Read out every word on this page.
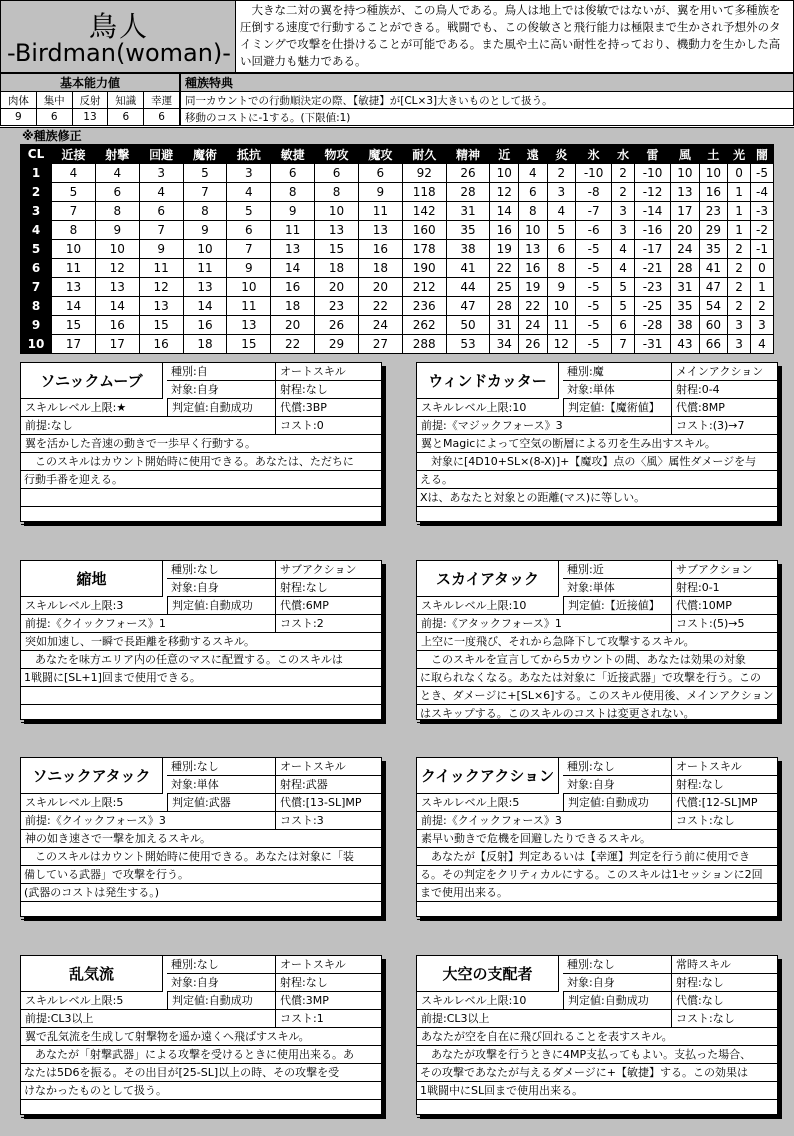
鳥人
-Birdman(woman)-
大きな二対の翼を持つ種族が、この鳥人である。鳥人は地上では俊敏ではないが、翼を用いて多種族を圧倒する速度で行動することができる。戦闘でも、この俊敏さと飛行能力は極限まで生かされ予想外のタイミングで攻撃を仕掛けることが可能である。また風や土に高い耐性を持っており、機動力を生かした高い回避力も魅力である。
基本能力値				
肉体	集中	反射	知識	幸運
9	6	13	6	6
種族特典
同一カウントでの行動順決定の際、【敏捷】が[CL×3]大きいものとして扱う。
移動のコストに-1する。(下限値:1)
※種族修正
CL	近接	射撃	回避	魔術	抵抗	敏捷	物攻	魔攻	耐久	精神	近	遠	炎	氷	水	雷	風	土	光	闇
1	4	4	3	5	3	6	6	6	92	26	10	4	2	-10	2	-10	10	10	0	-5
2	5	6	4	7	4	8	8	9	118	28	12	6	3	-8	2	-12	13	16	1	-4
3	7	8	6	8	5	9	10	11	142	31	14	8	4	-7	3	-14	17	23	1	-3
4	8	9	7	9	6	11	13	13	160	35	16	10	5	-6	3	-16	20	29	1	-2
5	10	10	9	10	7	13	15	16	178	38	19	13	6	-5	4	-17	24	35	2	-1
6	11	12	11	11	9	14	18	18	190	41	22	16	8	-5	4	-21	28	41	2	0
7	13	13	12	13	10	16	20	20	212	44	25	19	9	-5	5	-23	31	47	2	1
8	14	14	13	14	11	18	23	22	236	47	28	22	10	-5	5	-25	35	54	2	2
9	15	16	15	16	13	20	26	24	262	50	31	24	11	-5	6	-28	38	60	3	3
10	17	17	16	18	15	22	29	27	288	53	34	26	12	-5	7	-31	43	66	3	4
ソニックムーブ
種別:自	オートスキル
対象:自身	射程:なし
スキルレベル上限:★	判定値:自動成功	代償:3BP
前提:なし	コスト:0
翼を活かした音速の動きで一歩早く行動する。
　このスキルはカウント開始時に使用できる。あなたは、ただちに
行動手番を迎える。
ウィンドカッター
種別:魔	メインアクション
対象:単体	射程:0-4
スキルレベル上限:10	判定値:【魔術値】	代償:8MP
前提:《マジックフォース》3	コスト:(3)→7
翼とMagicによって空気の断層による刃を生み出すスキル。
　対象に[4D10+SL×(8-X)]+【魔攻】点の〈風〉属性ダメージを与
える。
Xは、あなたと対象との距離(マス)に等しい。
縮地
種別:なし	サブアクション
対象:自身	射程:なし
スキルレベル上限:3	判定値:自動成功	代償:6MP
前提:《クイックフォース》1	コスト:2
突如加速し、一瞬で長距離を移動するスキル。
　あなたを味方エリア内の任意のマスに配置する。このスキルは
1戦闘に[SL+1]回まで使用できる。
スカイアタック
種別:近	サブアクション
対象:単体	射程:0-1
スキルレベル上限:10	判定値:【近接値】	代償:10MP
前提:《アタックフォース》1	コスト:(5)→5
上空に一度飛び、それから急降下して攻撃するスキル。
　このスキルを宣言してから5カウントの間、あなたは効果の対象
に取られなくなる。あなたは対象に「近接武器」で攻撃を行う。この
とき、ダメージに+[SL×6]する。このスキル使用後、メインアクション
はスキップする。このスキルのコストは変更されない。
ソニックアタック
種別:なし	オートスキル
対象:単体	射程:武器
スキルレベル上限:5	判定値:武器	代償:[13-SL]MP
前提:《クイックフォース》3	コスト:3
神の如き速さで一撃を加えるスキル。
　このスキルはカウント開始時に使用できる。あなたは対象に「装
備している武器」で攻撃を行う。
(武器のコストは発生する。)
クイックアクション
種別:なし	オートスキル
対象:自身	射程:なし
スキルレベル上限:5	判定値:自動成功	代償:[12-SL]MP
前提:《クイックフォース》3	コスト:なし
素早い動きで危機を回避したりできるスキル。
　あなたが【反射】判定あるいは【幸運】判定を行う前に使用でき
る。その判定をクリティカルにする。このスキルは1セッションに2回
まで使用出来る。
乱気流
種別:なし	オートスキル
対象:自身	射程:なし
スキルレベル上限:5	判定値:自動成功	代償:3MP
前提:CL3以上	コスト:1
翼で乱気流を生成して射撃物を遥か遠くへ飛ばすスキル。
　あなたが「射撃武器」による攻撃を受けるときに使用出来る。あ
なたは5D6を振る。その出目が[25-SL]以上の時、その攻撃を受
けなかったものとして扱う。
大空の支配者
種別:なし	常時スキル
対象:自身	射程:なし
スキルレベル上限:10	判定値:自動成功	代償:なし
前提:CL3以上	コスト:なし
あなたが空を自在に飛び回れることを表すスキル。
　あなたが攻撃を行うときに4MP支払ってもよい。支払った場合、
その攻撃であなたが与えるダメージに+【敏捷】する。この効果は
1戦闘中にSL回まで使用出来る。
